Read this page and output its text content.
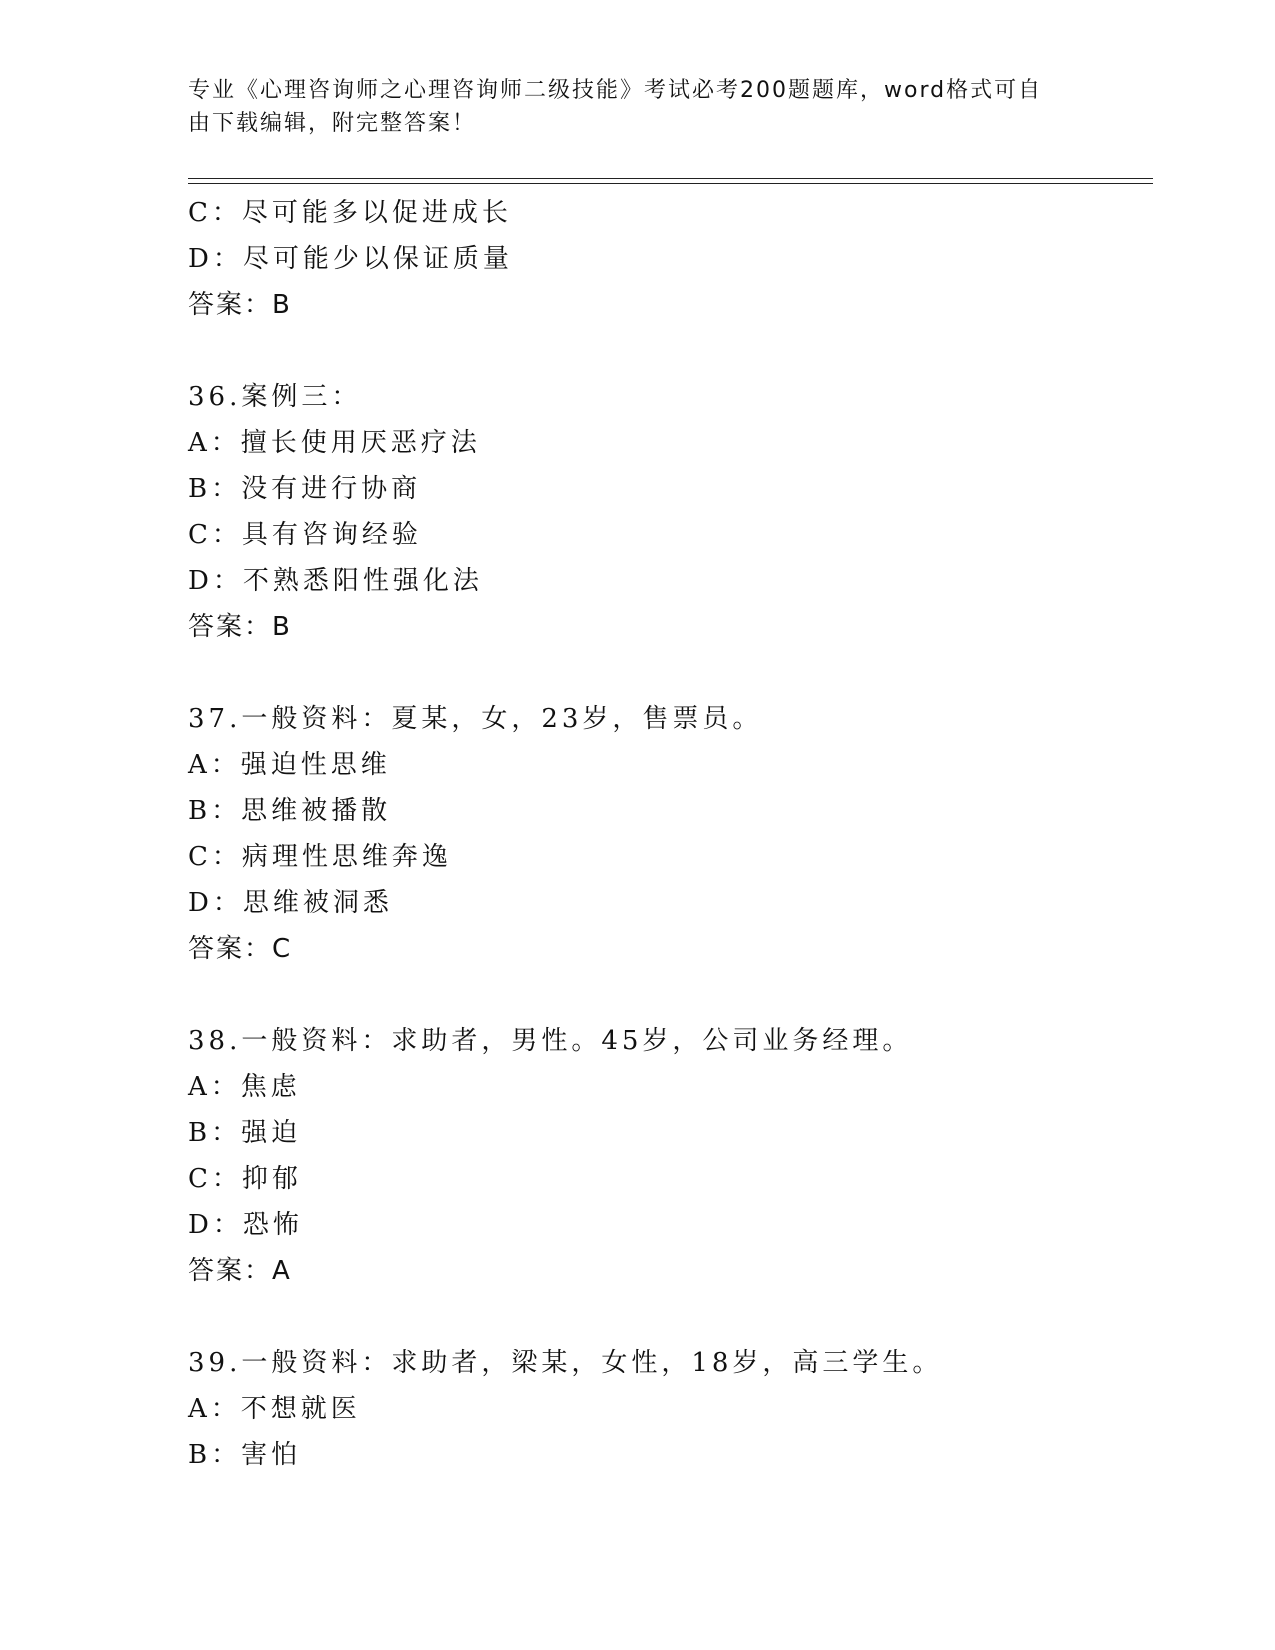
专业《心理咨询师之心理咨询师二级技能》考试必考200题题库，word格式可自
由下载编辑，附完整答案！
C：尽可能多以促进成长
D：尽可能少以保证质量
答案：B
36.案例三：
A：擅长使用厌恶疗法
B：没有进行协商
C：具有咨询经验
D：不熟悉阳性强化法
答案：B
37.一般资料：夏某，女，23岁，售票员。
A：强迫性思维
B：思维被播散
C：病理性思维奔逸
D：思维被洞悉
答案：C
38.一般资料：求助者，男性。45岁，公司业务经理。
A：焦虑
B：强迫
C：抑郁
D：恐怖
答案：A
39.一般资料：求助者，梁某，女性，18岁，高三学生。
A：不想就医
B：害怕
